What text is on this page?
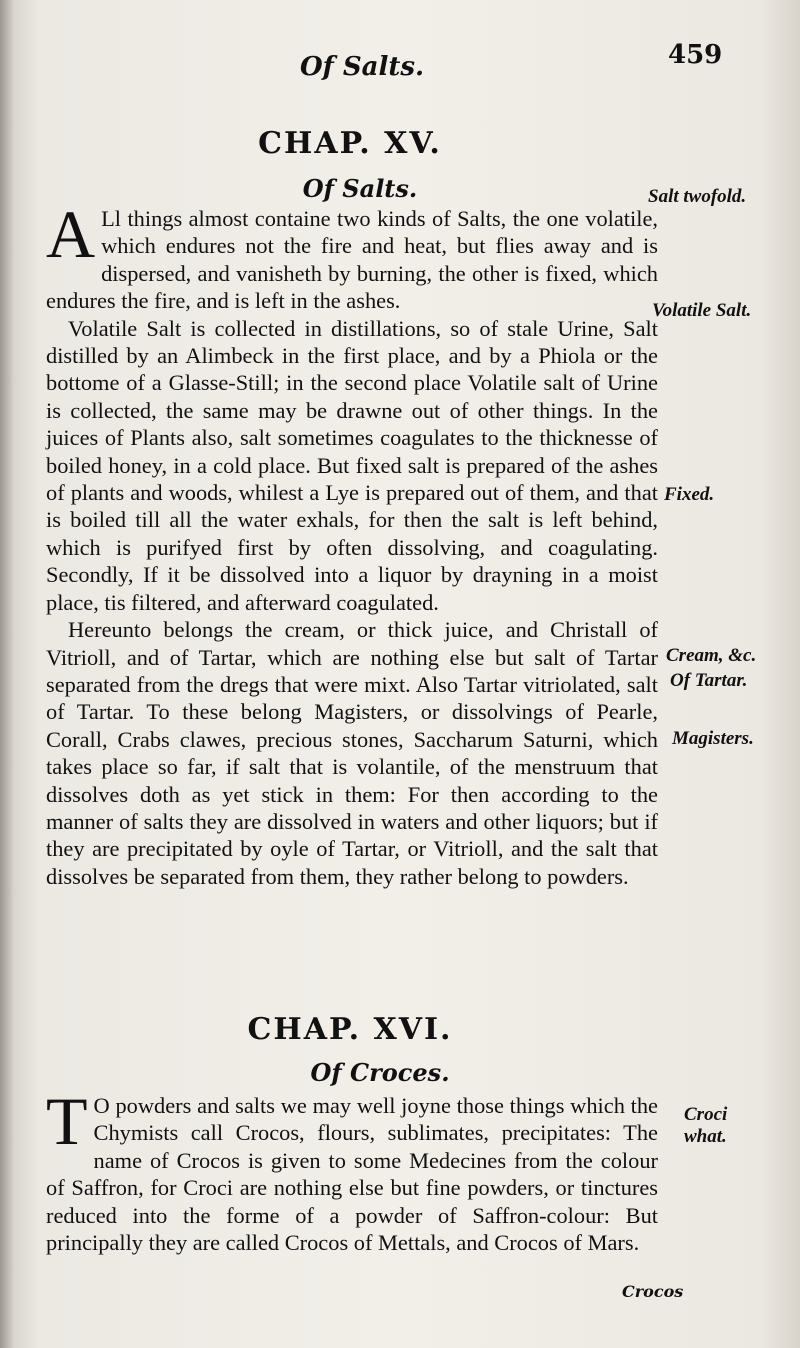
Of Salts.	459
CHAP. XV.
Of Salts.

A Ll things almost containe two kinds of Salts, the one volatile, which endures not the fire and heat, but flies away and is dispersed, and vanisheth by burning, the other is fixed, which endures the fire, and is left in the ashes.

Volatile Salt is collected in distillations, so of stale Urine, Salt distilled by an Alimbeck in the first place, and by a Phiola or the bottome of a Glasse-Still; in the second place Volatile salt of Urine is collected, the same may be drawne out of other things. In the juices of Plants also, salt sometimes coagulates to the thicknesse of boiled honey, in a cold place. But fixed salt is prepared of the ashes of plants and woods, whilest a Lye is prepared out of them, and that is boiled till all the water exhals, for then the salt is left behind, which is purifyed first by often dissolving, and coagulating. Secondly, If it be dissolved into a liquor by drayning in a moist place, tis filtered, and afterward coagulated.

Hereunto belongs the cream, or thick juice, and Christall of Vitrioll, and of Tartar, which are nothing else but salt of Tartar separated from the dregs that were mixt. Also Tartar vitriolated, salt of Tartar. To these belong Magisters, or dissolvings of Pearle, Corall, Crabs clawes, precious stones, Saccharum Saturni, which takes place so far, if salt that is volantile, of the menstruum that dissolves doth as yet stick in them: For then according to the manner of salts they are dissolved in waters and other liquors; but if they are precipitated by oyle of Tartar, or Vitrioll, and the salt that dissolves be separated from them, they rather belong to powders.

CHAP. XVI.
Of Croces.

T O powders and salts we may well joyne those things which the Chymists call Crocos, flours, sublimates, precipitates: The name of Crocos is given to some Medecines from the colour of Saffron, for Croci are nothing else but fine powders, or tinctures reduced into the forme of a powder of Saffron-colour: But principally they are called Crocos of Mettals, and Crocos of Mars.

Salt twofold.
Volatile Salt.
Fixed.
Cream, &c.
Of Tartar.
Magisters.
Croci what.
Crocos
